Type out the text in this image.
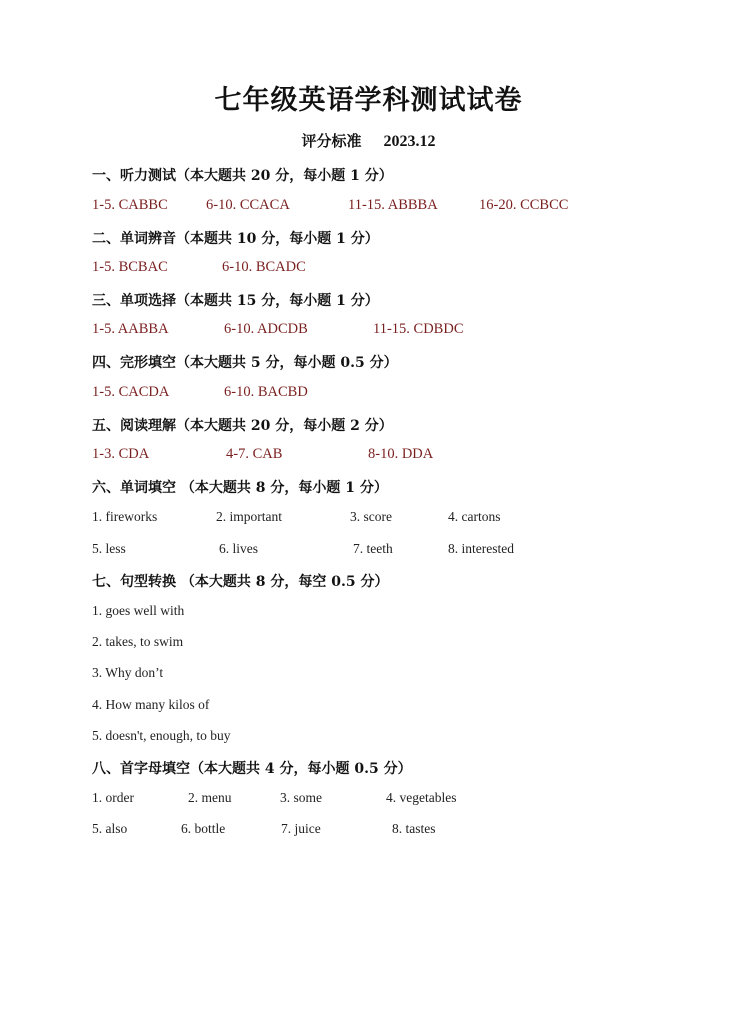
七年级英语学科测试试卷
评分标准 2023.12
一、听力测试（本大题共 20 分，每小题 1 分）
1-5. CABBC	6-10. CCACA	11-15. ABBBA	16-20. CCBCC
二、单词辨音（本题共 10 分，每小题 1 分）
1-5. BCBAC	6-10. BCADC
三、单项选择（本题共 15 分，每小题 1 分）
1-5. AABBA	6-10. ADCDB	11-15. CDBDC
四、完形填空（本大题共 5 分，每小题 0.5 分）
1-5. CACDA	6-10. BACBD
五、阅读理解（本大题共 20 分，每小题 2 分）
1-3. CDA	4-7. CAB	8-10. DDA
六、单词填空 （本大题共 8 分，每小题 1 分）
1. fireworks	2. important	3. score	4. cartons
5. less	6. lives	7. teeth	8. interested
七、句型转换 （本大题共 8 分，每空 0.5 分）
1. goes well with
2. takes, to swim
3. Why don’t
4. How many kilos of
5. doesn't, enough, to buy
八、首字母填空（本大题共 4 分，每小题 0.5 分）
1. order	2. menu	3. some	4. vegetables
5. also	6. bottle	7. juice	8. tastes
